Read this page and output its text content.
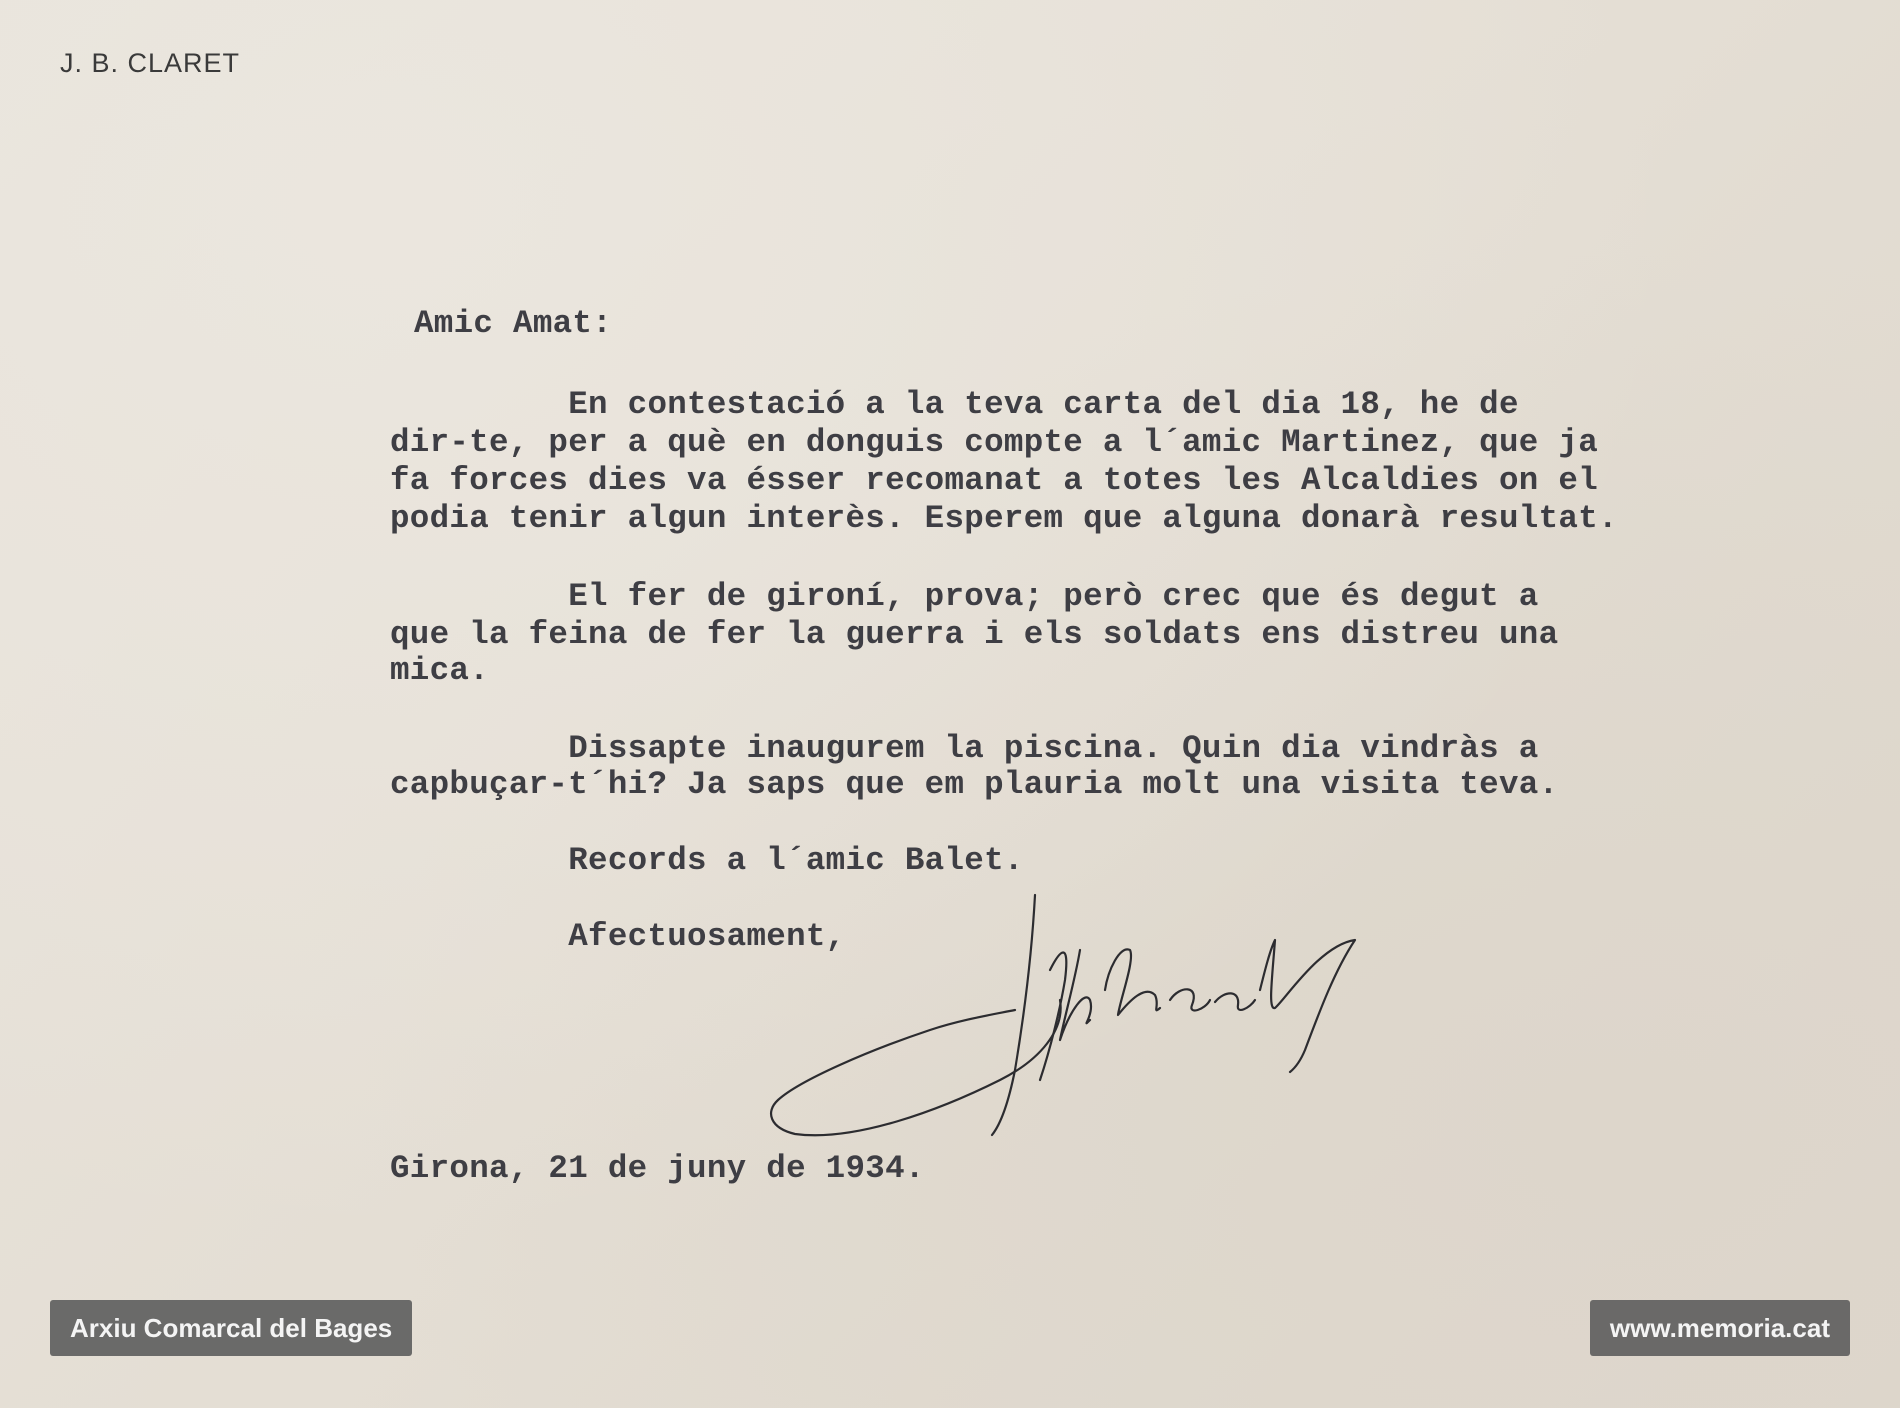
J. B. CLARET
Amic Amat:
En contestació a la teva carta del dia 18, he de
dir-te, per a què en donguis compte a l´amic Martinez, que ja
fa forces dies va ésser recomanat a totes les Alcaldies on el
podia tenir algun interès. Esperem que alguna donarà resultat.
El fer de gironí, prova; però crec que és degut a
que la feina de fer la guerra i els soldats ens distreu una
mica.
Dissapte inaugurem la piscina. Quin dia vindràs a
capbuçar-t´hi? Ja saps que em plauria molt una visita teva.
Records a l´amic Balet.
Afectuosament,
Girona, 21 de juny de 1934.
Arxiu Comarcal del Bages	www.memoria.cat
